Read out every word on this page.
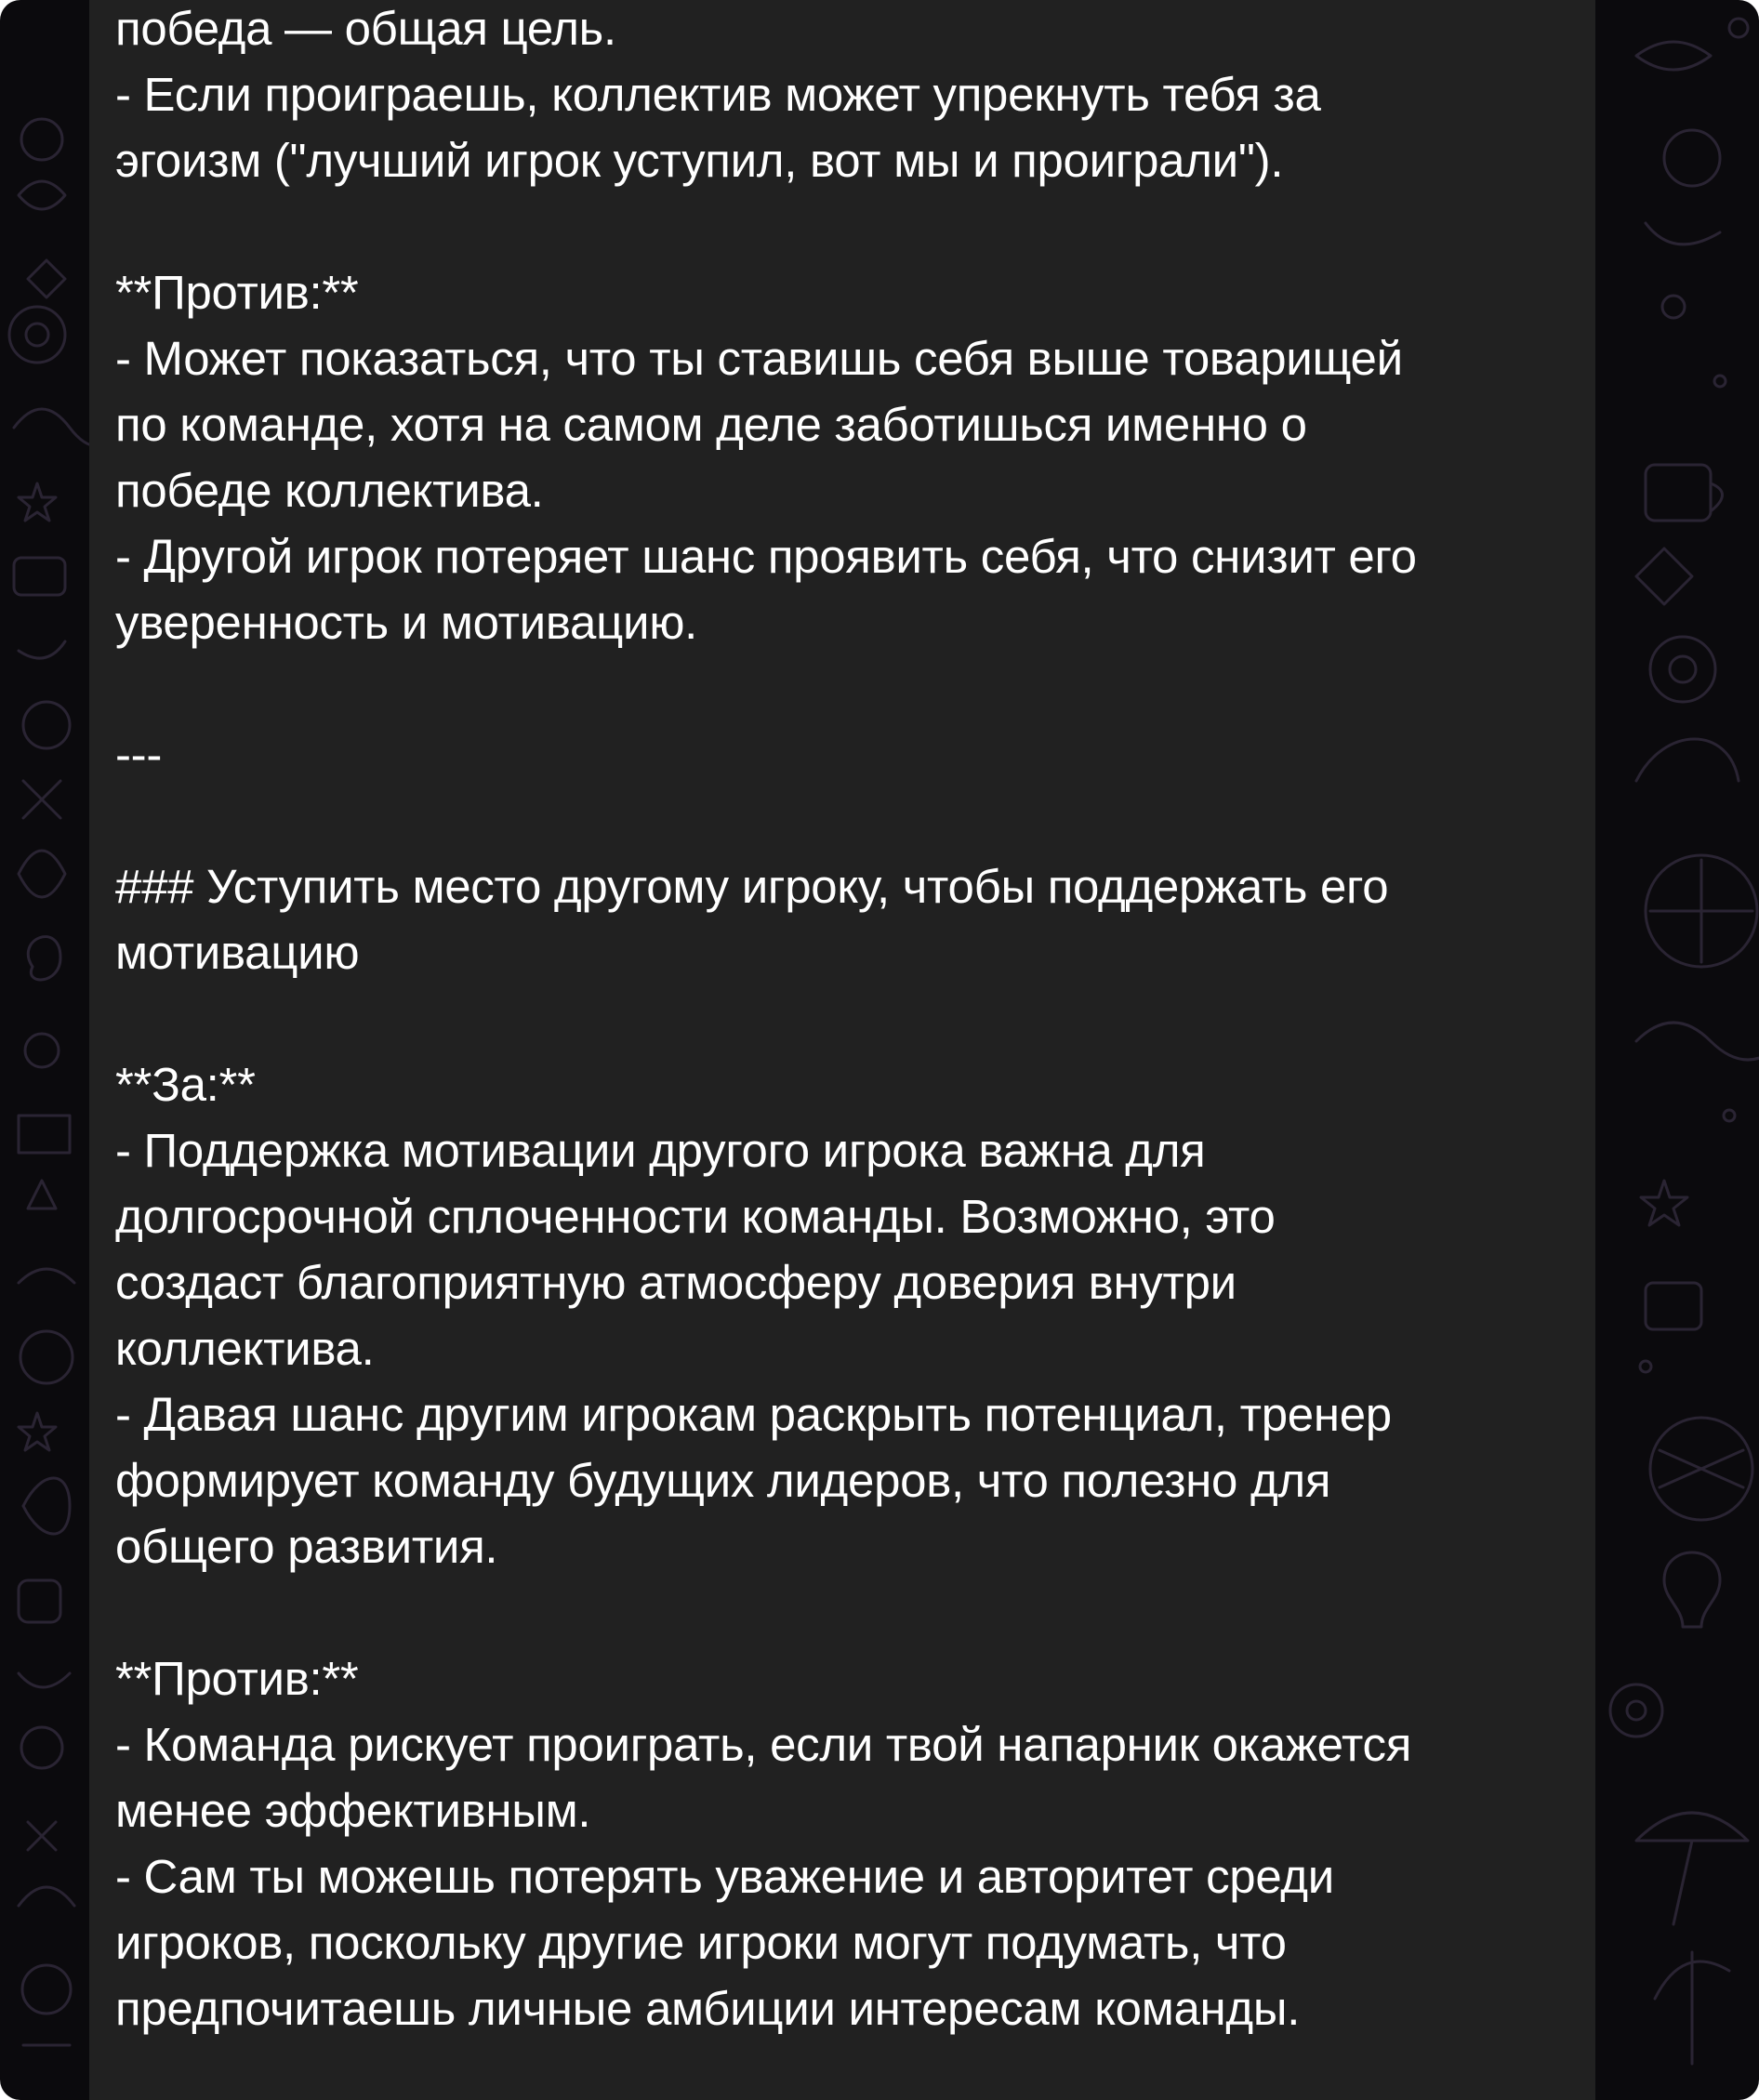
победа — общая цель.
- Если проиграешь, коллектив может упрекнуть тебя за
эгоизм ("лучший игрок уступил, вот мы и проиграли").
**Против:**
- Может показаться, что ты ставишь себя выше товарищей
по команде, хотя на самом деле заботишься именно о
победе коллектива.
- Другой игрок потеряет шанс проявить себя, что снизит его
уверенность и мотивацию.
---
### Уступить место другому игроку, чтобы поддержать его
мотивацию
**За:**
- Поддержка мотивации другого игрока важна для
долгосрочной сплоченности команды. Возможно, это
создаст благоприятную атмосферу доверия внутри
коллектива.
- Давая шанс другим игрокам раскрыть потенциал, тренер
формирует команду будущих лидеров, что полезно для
общего развития.
**Против:**
- Команда рискует проиграть, если твой напарник окажется
менее эффективным.
- Сам ты можешь потерять уважение и авторитет среди
игроков, поскольку другие игроки могут подумать, что
предпочитаешь личные амбиции интересам команды.
